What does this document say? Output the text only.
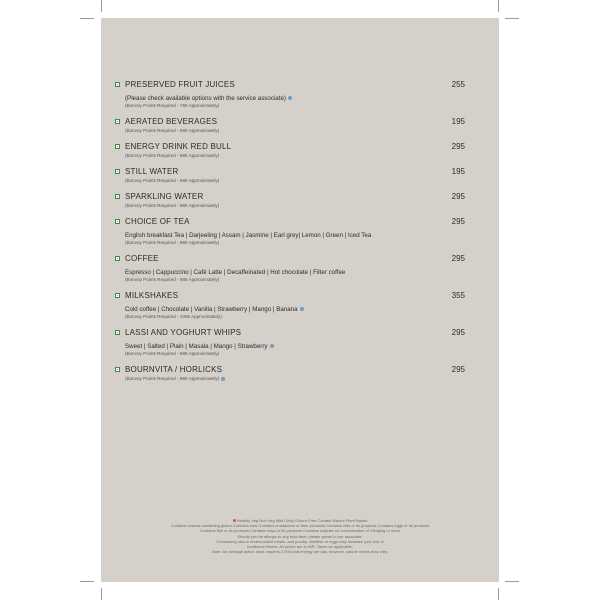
PRESERVED FRUIT JUICES	255
(Please check available options with the service associate)
(Bonvoy Points Required - 765 Approximately)
AERATED BEVERAGES	195
(Bonvoy Points Required - 585 Approximately)
ENERGY DRINK RED BULL	295
(Bonvoy Points Required - 885 Approximately)
STILL WATER	195
(Bonvoy Points Required - 585 Approximately)
SPARKLING WATER	295
(Bonvoy Points Required - 885 Approximately)
CHOICE OF TEA	295
English breakfast Tea | Darjeeling | Assam | Jasmine | Earl grey| Lemon | Green | Iced Tea
(Bonvoy Points Required - 885 Approximately)
COFFEE	295
Espresso | Cappuccino | Café Latte | Decaffeinated | Hot chocolate | Filter coffee
(Bonvoy Points Required - 885 Approximately)
MILKSHAKES	355
Cold coffee | Chocolate | Vanilla | Strawberry | Mango | Banana
(Bonvoy Points Required - 1065 Approximately)
LASSI AND YOGHURT WHIPS	295
Sweet | Salted | Plain | Masala | Mango | Strawberry
(Bonvoy Points Required - 885 Approximately)
BOURNVITA / HORLICKS	295
(Bonvoy Points Required - 885 Approximately)
Healthy Veg Non Veg Mild Chilly Gluten Free Contain Walnut Plant Based
Contains cereals containing gluten Contains nuts Contains crustacean or their products Contains milk or its products Contains eggs or its products
Contains fish or its products Contains soya or its products Contains sulphite on concentration of 10mg/kg or more
Should you be allergic to any food item, please speak to our associate.
Consuming raw or undercooked meats, and poultry, shellfish or eggs may increase your risk of
foodborne illness. All prices are in INR. Taxes as applicable.
Note: An average active adult requires 2,000 kcal energy per day, however, calorie needs may vary.
